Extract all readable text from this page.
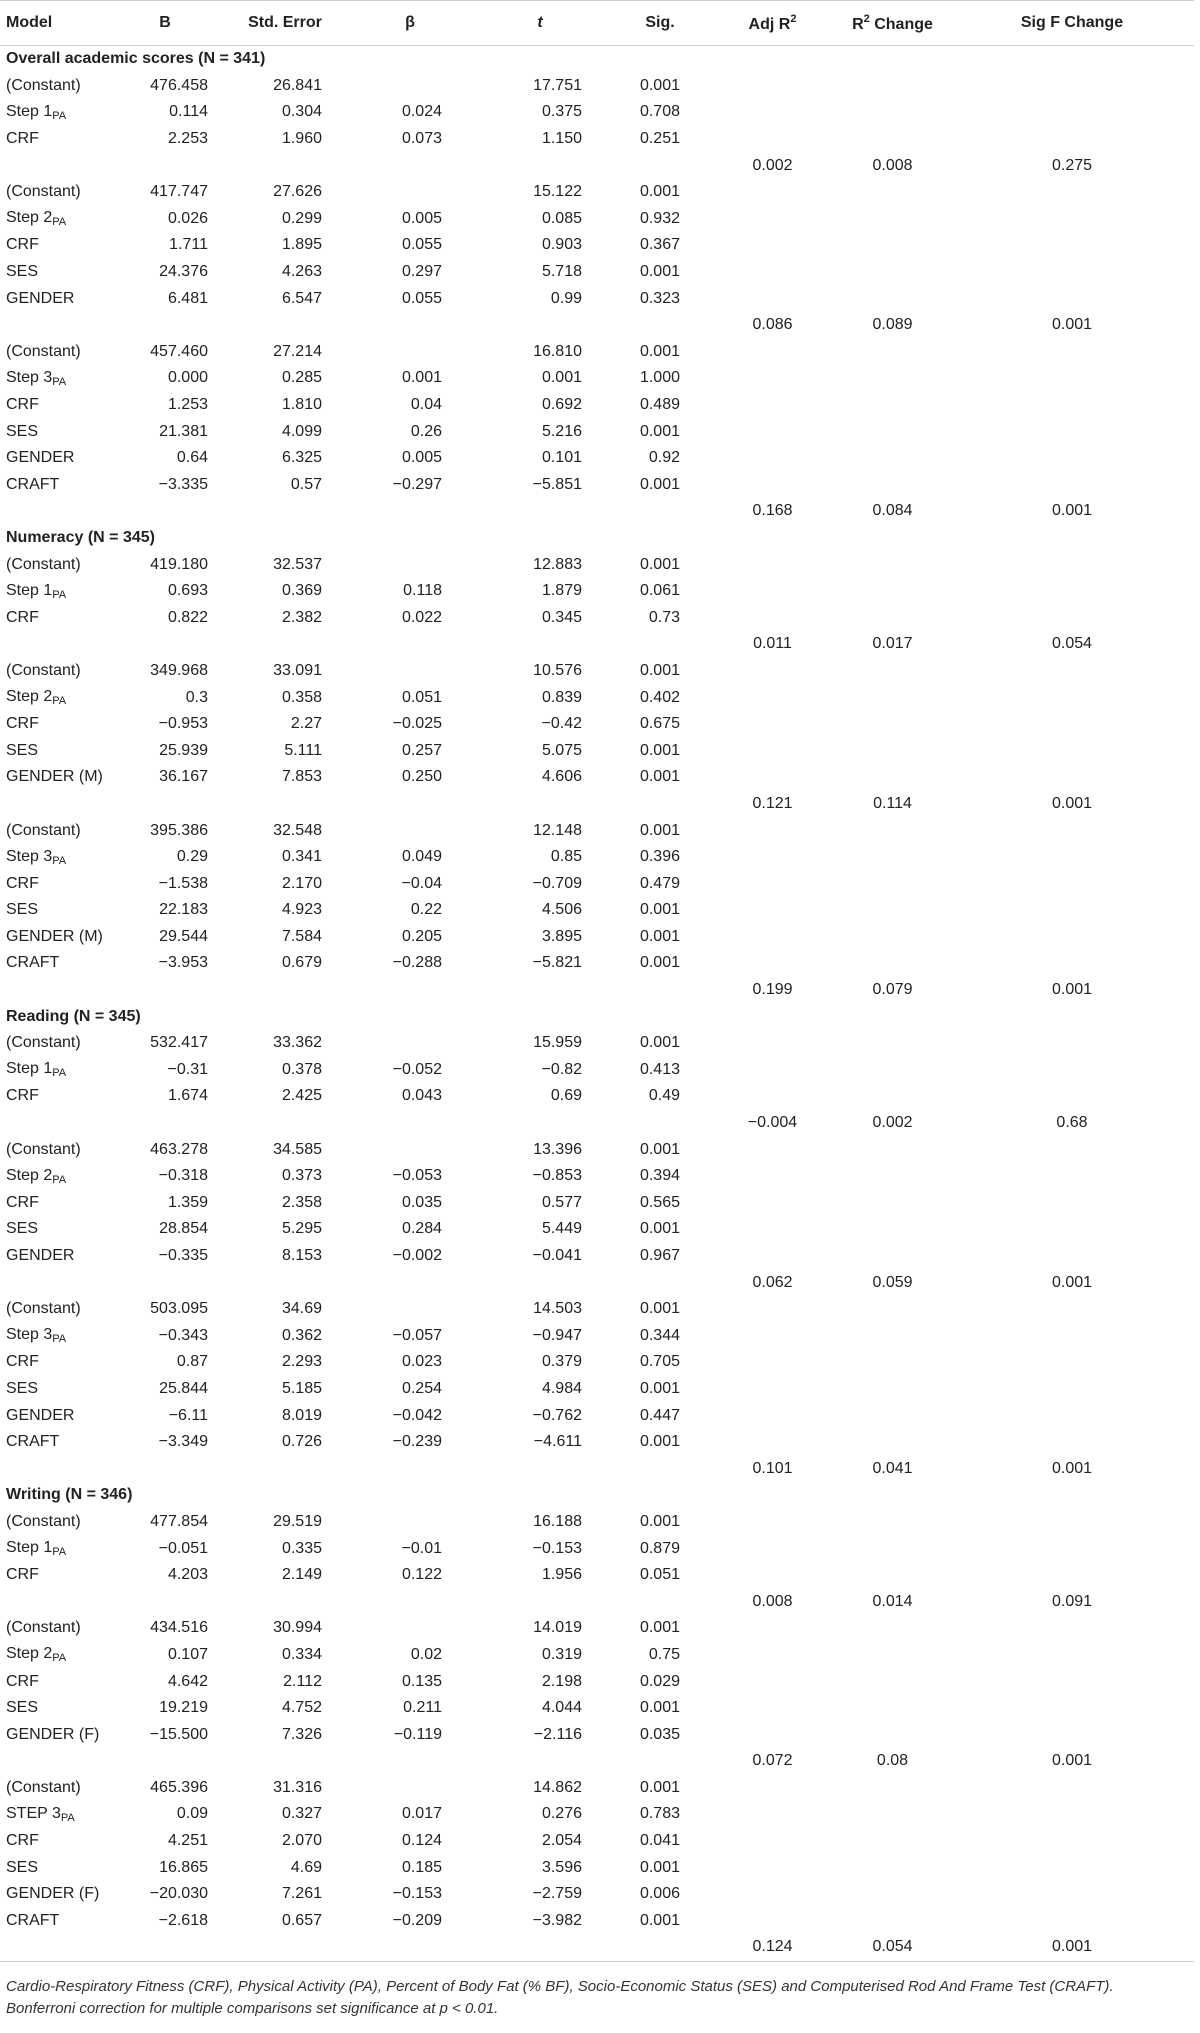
Model	B	Std. Error	β	t	Sig.	Adj $R^2$	$R^2$ Change	Sig F Change
Overall academic scores (N = 341)								
(Constant)	476.458	26.841		17.751	0.001			
Step $1_{PA}$	0.114	0.304	0.024	0.375	0.708			
CRF	2.253	1.960	0.073	1.150	0.251			
						0.002	0.008	0.275
(Constant)	417.747	27.626		15.122	0.001			
Step $2_{PA}$	0.026	0.299	0.005	0.085	0.932			
CRF	1.711	1.895	0.055	0.903	0.367			
SES	24.376	4.263	0.297	5.718	0.001			
GENDER	6.481	6.547	0.055	0.99	0.323			
						0.086	0.089	0.001
(Constant)	457.460	27.214		16.810	0.001			
Step $3_{PA}$	0.000	0.285	0.001	0.001	1.000			
CRF	1.253	1.810	0.04	0.692	0.489			
SES	21.381	4.099	0.26	5.216	0.001			
GENDER	0.64	6.325	0.005	0.101	0.92			
CRAFT	−3.335	0.57	−0.297	−5.851	0.001			
						0.168	0.084	0.001
Numeracy (N = 345)								
(Constant)	419.180	32.537		12.883	0.001			
Step $1_{PA}$	0.693	0.369	0.118	1.879	0.061			
CRF	0.822	2.382	0.022	0.345	0.73			
						0.011	0.017	0.054
(Constant)	349.968	33.091		10.576	0.001			
Step $2_{PA}$	0.3	0.358	0.051	0.839	0.402			
CRF	−0.953	2.27	−0.025	−0.42	0.675			
SES	25.939	5.111	0.257	5.075	0.001			
GENDER (M)	36.167	7.853	0.250	4.606	0.001			
						0.121	0.114	0.001
(Constant)	395.386	32.548		12.148	0.001			
Step $3_{PA}$	0.29	0.341	0.049	0.85	0.396			
CRF	−1.538	2.170	−0.04	−0.709	0.479			
SES	22.183	4.923	0.22	4.506	0.001			
GENDER (M)	29.544	7.584	0.205	3.895	0.001			
CRAFT	−3.953	0.679	−0.288	−5.821	0.001			
						0.199	0.079	0.001
Reading (N = 345)								
(Constant)	532.417	33.362		15.959	0.001			
Step $1_{PA}$	−0.31	0.378	−0.052	−0.82	0.413			
CRF	1.674	2.425	0.043	0.69	0.49			
						−0.004	0.002	0.68
(Constant)	463.278	34.585		13.396	0.001			
Step $2_{PA}$	−0.318	0.373	−0.053	−0.853	0.394			
CRF	1.359	2.358	0.035	0.577	0.565			
SES	28.854	5.295	0.284	5.449	0.001			
GENDER	−0.335	8.153	−0.002	−0.041	0.967			
						0.062	0.059	0.001
(Constant)	503.095	34.69		14.503	0.001			
Step $3_{PA}$	−0.343	0.362	−0.057	−0.947	0.344			
CRF	0.87	2.293	0.023	0.379	0.705			
SES	25.844	5.185	0.254	4.984	0.001			
GENDER	−6.11	8.019	−0.042	−0.762	0.447			
CRAFT	−3.349	0.726	−0.239	−4.611	0.001			
						0.101	0.041	0.001
Writing (N = 346)								
(Constant)	477.854	29.519		16.188	0.001			
Step $1_{PA}$	−0.051	0.335	−0.01	−0.153	0.879			
CRF	4.203	2.149	0.122	1.956	0.051			
						0.008	0.014	0.091
(Constant)	434.516	30.994		14.019	0.001			
Step $2_{PA}$	0.107	0.334	0.02	0.319	0.75			
CRF	4.642	2.112	0.135	2.198	0.029			
SES	19.219	4.752	0.211	4.044	0.001			
GENDER (F)	−15.500	7.326	−0.119	−2.116	0.035			
						0.072	0.08	0.001
(Constant)	465.396	31.316		14.862	0.001			
STEP $3_{PA}$	0.09	0.327	0.017	0.276	0.783			
CRF	4.251	2.070	0.124	2.054	0.041			
SES	16.865	4.69	0.185	3.596	0.001			
GENDER (F)	−20.030	7.261	−0.153	−2.759	0.006			
CRAFT	−2.618	0.657	−0.209	−3.982	0.001			
						0.124	0.054	0.001
Cardio-Respiratory Fitness (CRF), Physical Activity (PA), Percent of Body Fat (% BF), Socio-Economic Status (SES) and Computerised Rod And Frame Test (CRAFT).
Bonferroni correction for multiple comparisons set significance at p < 0.01.
